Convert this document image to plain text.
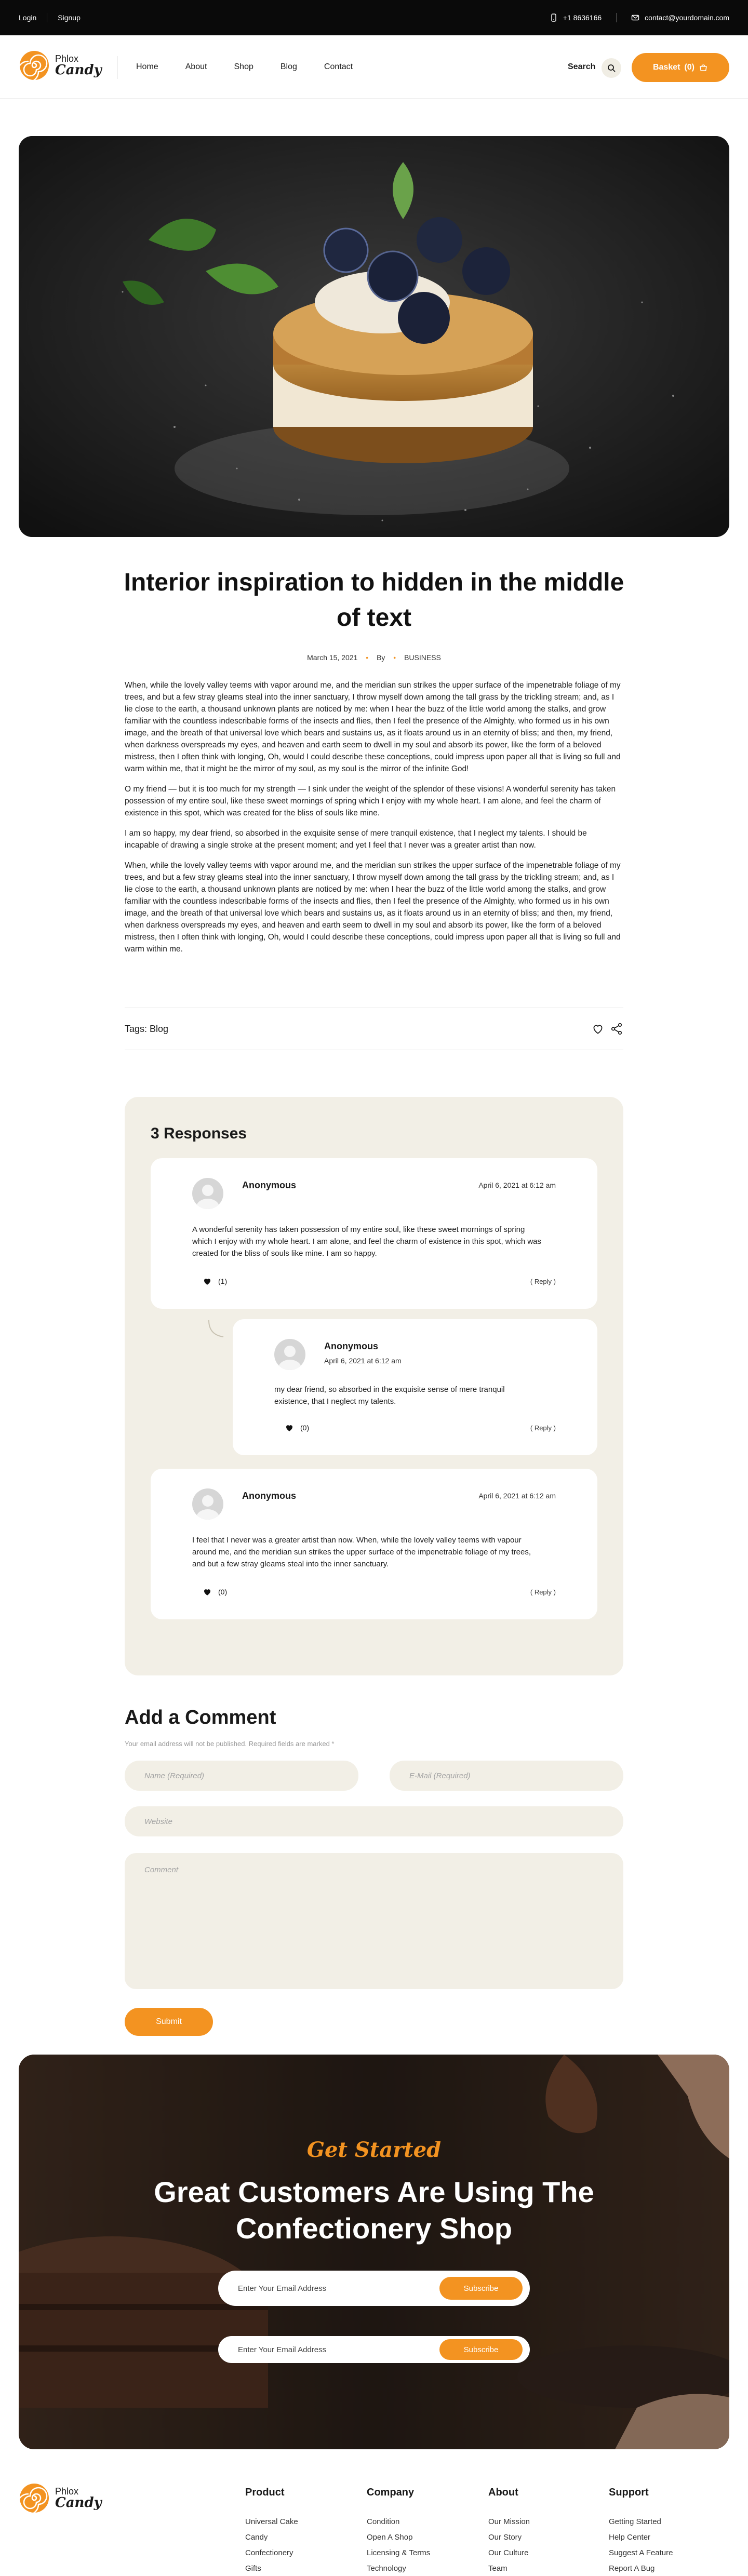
Login	Signup	+1 8636166	contact@yourdomain.com
Phlox
Candy	Home	About	Shop	Blog	Contact	Search	Basket (0)
Interior inspiration to hidden in the middle of text
March 15, 2021 • By • BUSINESS

When, while the lovely valley teems with vapor around me, and the meridian sun strikes the upper surface of the impenetrable foliage of my trees, and but a few stray gleams steal into the inner sanctuary, I throw myself down among the tall grass by the trickling stream; and, as I lie close to the earth, a thousand unknown plants are noticed by me: when I hear the buzz of the little world among the stalks, and grow familiar with the countless indescribable forms of the insects and flies, then I feel the presence of the Almighty, who formed us in his own image, and the breath of that universal love which bears and sustains us, as it floats around us in an eternity of bliss; and then, my friend, when darkness overspreads my eyes, and heaven and earth seem to dwell in my soul and absorb its power, like the form of a beloved mistress, then I often think with longing, Oh, would I could describe these conceptions, could impress upon paper all that is living so full and warm within me, that it might be the mirror of my soul, as my soul is the mirror of the infinite God!

O my friend — but it is too much for my strength — I sink under the weight of the splendor of these visions! A wonderful serenity has taken possession of my entire soul, like these sweet mornings of spring which I enjoy with my whole heart. I am alone, and feel the charm of existence in this spot, which was created for the bliss of souls like mine.

I am so happy, my dear friend, so absorbed in the exquisite sense of mere tranquil existence, that I neglect my talents. I should be incapable of drawing a single stroke at the present moment; and yet I feel that I never was a greater artist than now.

When, while the lovely valley teems with vapor around me, and the meridian sun strikes the upper surface of the impenetrable foliage of my trees, and but a few stray gleams steal into the inner sanctuary, I throw myself down among the tall grass by the trickling stream; and, as I lie close to the earth, a thousand unknown plants are noticed by me: when I hear the buzz of the little world among the stalks, and grow familiar with the countless indescribable forms of the insects and flies, then I feel the presence of the Almighty, who formed us in his own image, and the breath of that universal love which bears and sustains us, as it floats around us in an eternity of bliss; and then, my friend, when darkness overspreads my eyes, and heaven and earth seem to dwell in my soul and absorb its power, like the form of a beloved mistress, then I often think with longing, Oh, would I could describe these conceptions, could impress upon paper all that is living so full and warm within me.

Tags: Blog
3 Responses
Anonymous	April 6, 2021 at 6:12 am
A wonderful serenity has taken possession of my entire soul, like these sweet mornings of spring which I enjoy with my whole heart. I am alone, and feel the charm of existence in this spot, which was created for the bliss of souls like mine. I am so happy.
(1)	( Reply )
Anonymous
April 6, 2021 at 6:12 am
my dear friend, so absorbed in the exquisite sense of mere tranquil existence, that I neglect my talents.
(0)	( Reply )
Anonymous	April 6, 2021 at 6:12 am
I feel that I never was a greater artist than now. When, while the lovely valley teems with vapour around me, and the meridian sun strikes the upper surface of the impenetrable foliage of my trees, and but a few stray gleams steal into the inner sanctuary.
(0)	( Reply )
Add a Comment
Your email address will not be published. Required fields are marked *
Name (Required)
E-Mail (Required)
Website
Comment
Submit
Get Started
Great Customers Are Using The Confectionery Shop
Enter Your Email Address	Subscribe
Enter Your Email Address	Subscribe
Phlox
Candy
Product
Universal Cake
Candy
Confectionery
Gifts
Company
Condition
Open A Shop
Licensing & Terms
Technology
About
Our Mission
Our Story
Our Culture
Team
Support
Getting Started
Help Center
Suggest A Feature
Report A Bug
